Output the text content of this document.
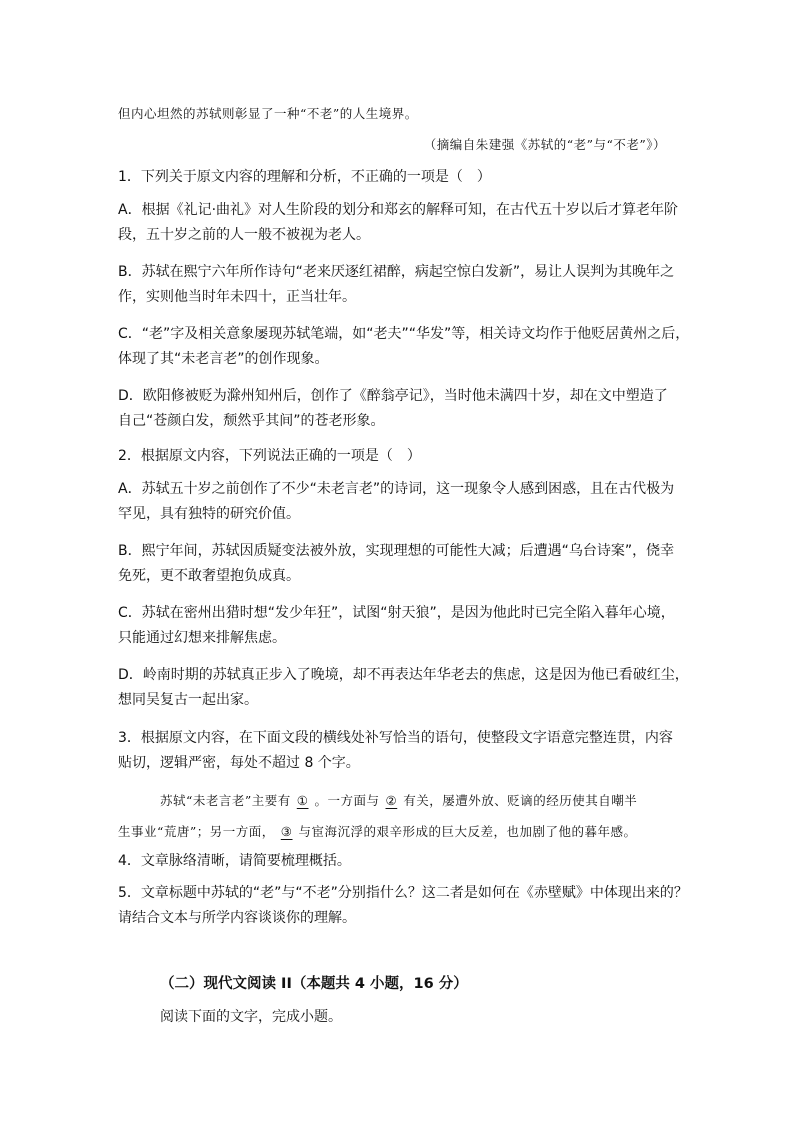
但内心坦然的苏轼则彰显了一种“不老”的人生境界。
（摘编自朱建强《苏轼的“老”与“不老”》）
1．下列关于原文内容的理解和分析，不正确的一项是（　）
A．根据《礼记·曲礼》对人生阶段的划分和郑玄的解释可知，在古代五十岁以后才算老年阶
段，五十岁之前的人一般不被视为老人。
B．苏轼在熙宁六年所作诗句“老来厌逐红裙醉，病起空惊白发新”，易让人误判为其晚年之
作，实则他当时年未四十，正当壮年。
C．“老”字及相关意象屡现苏轼笔端，如“老夫”“华发”等，相关诗文均作于他贬居黄州之后，
体现了其“未老言老”的创作现象。
D．欧阳修被贬为滁州知州后，创作了《醉翁亭记》，当时他未满四十岁，却在文中塑造了
自己“苍颜白发，颓然乎其间”的苍老形象。
2．根据原文内容，下列说法正确的一项是（　）
A．苏轼五十岁之前创作了不少“未老言老”的诗词，这一现象令人感到困惑，且在古代极为
罕见，具有独特的研究价值。
B．熙宁年间，苏轼因质疑变法被外放，实现理想的可能性大减；后遭遇“乌台诗案”，侥幸
免死，更不敢奢望抱负成真。
C．苏轼在密州出猎时想“发少年狂”，试图“射天狼”，是因为他此时已完全陷入暮年心境，
只能通过幻想来排解焦虑。
D．岭南时期的苏轼真正步入了晚境，却不再表达年华老去的焦虑，这是因为他已看破红尘，
想同吴复古一起出家。
3．根据原文内容，在下面文段的横线处补写恰当的语句，使整段文字语意完整连贯，内容
贴切，逻辑严密，每处不超过 8 个字。
苏轼“未老言老”主要有 ① 。一方面与 ② 有关，屡遭外放、贬谪的经历使其自嘲半
生事业“荒唐”；另一方面， ③ 与宦海沉浮的艰辛形成的巨大反差，也加剧了他的暮年感。
4．文章脉络清晰，请简要梳理概括。
5．文章标题中苏轼的“老”与“不老”分别指什么？这二者是如何在《赤壁赋》中体现出来的？
请结合文本与所学内容谈谈你的理解。
（二）现代文阅读 II（本题共 4 小题，16 分）
阅读下面的文字，完成小题。
